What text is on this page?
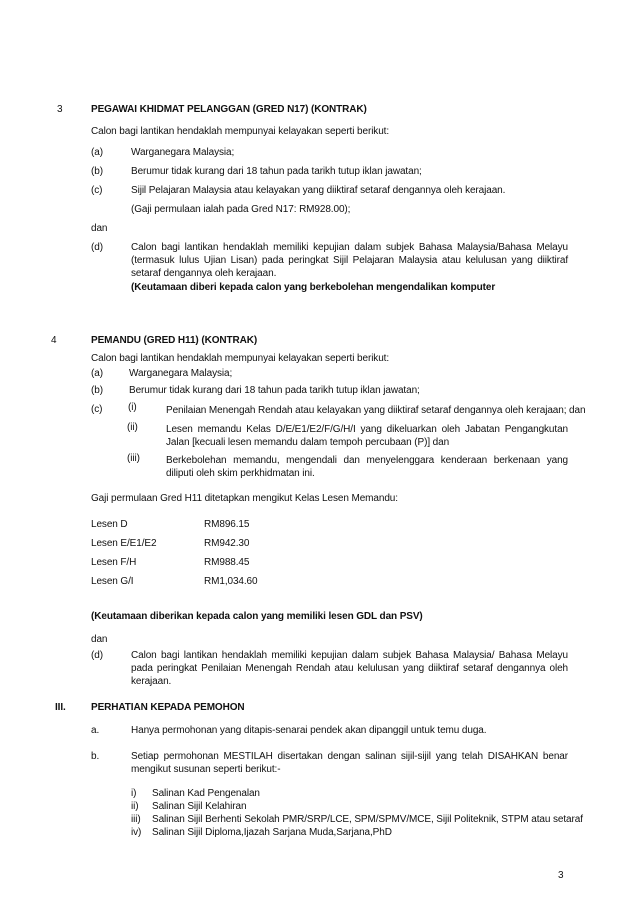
3	PEGAWAI KHIDMAT PELANGGAN (GRED N17) (KONTRAK)
Calon bagi lantikan hendaklah mempunyai kelayakan seperti berikut:
(a)	Warganegara Malaysia;
(b)	Berumur tidak kurang dari 18 tahun pada tarikh tutup iklan jawatan;
(c)	Sijil Pelajaran Malaysia atau kelayakan yang diiktiraf setaraf dengannya oleh kerajaan.
(Gaji permulaan ialah pada Gred N17: RM928.00);
dan
(d)	Calon bagi lantikan hendaklah memiliki kepujian dalam subjek Bahasa Malaysia/Bahasa Melayu (termasuk lulus Ujian Lisan) pada peringkat Sijil Pelajaran Malaysia atau kelulusan yang diiktiraf setaraf dengannya oleh kerajaan.
(Keutamaan diberi kepada calon yang berkebolehan mengendalikan komputer
4	PEMANDU (GRED H11) (KONTRAK)
Calon bagi lantikan hendaklah mempunyai kelayakan seperti berikut:
(a)	Warganegara Malaysia;
(b)	Berumur tidak kurang dari 18 tahun pada tarikh tutup iklan jawatan;
(c)	(i)	Penilaian Menengah Rendah atau kelayakan yang diiktiraf setaraf dengannya oleh kerajaan; dan
(ii)	Lesen memandu Kelas D/E/E1/E2/F/G/H/I yang dikeluarkan oleh Jabatan Pengangkutan Jalan [kecuali lesen memandu dalam tempoh percubaan (P)] dan
(iii)	Berkebolehan memandu, mengendali dan menyelenggara kenderaan berkenaan yang diliputi oleh skim perkhidmatan ini.
Gaji permulaan Gred H11 ditetapkan mengikut Kelas Lesen Memandu:
Lesen D	RM896.15
Lesen E/E1/E2	RM942.30
Lesen F/H	RM988.45
Lesen G/I	RM1,034.60
(Keutamaan diberikan kepada calon yang memiliki lesen GDL dan PSV)
dan
(d)	Calon bagi lantikan hendaklah memiliki kepujian dalam subjek Bahasa Malaysia/ Bahasa Melayu pada peringkat Penilaian Menengah Rendah atau kelulusan yang diiktiraf setaraf dengannya oleh kerajaan.
III.	PERHATIAN KEPADA PEMOHON
a.	Hanya permohonan yang ditapis-senarai pendek akan dipanggil untuk temu duga.
b.	Setiap permohonan MESTILAH disertakan dengan salinan sijil-sijil yang telah DISAHKAN benar mengikut susunan seperti berikut:-
i) Salinan Kad Pengenalan
ii) Salinan Sijil Kelahiran
iii) Salinan Sijil Berhenti Sekolah PMR/SRP/LCE, SPM/SPMV/MCE, Sijil Politeknik, STPM atau setaraf
iv) Salinan Sijil Diploma,Ijazah Sarjana Muda,Sarjana,PhD
3
